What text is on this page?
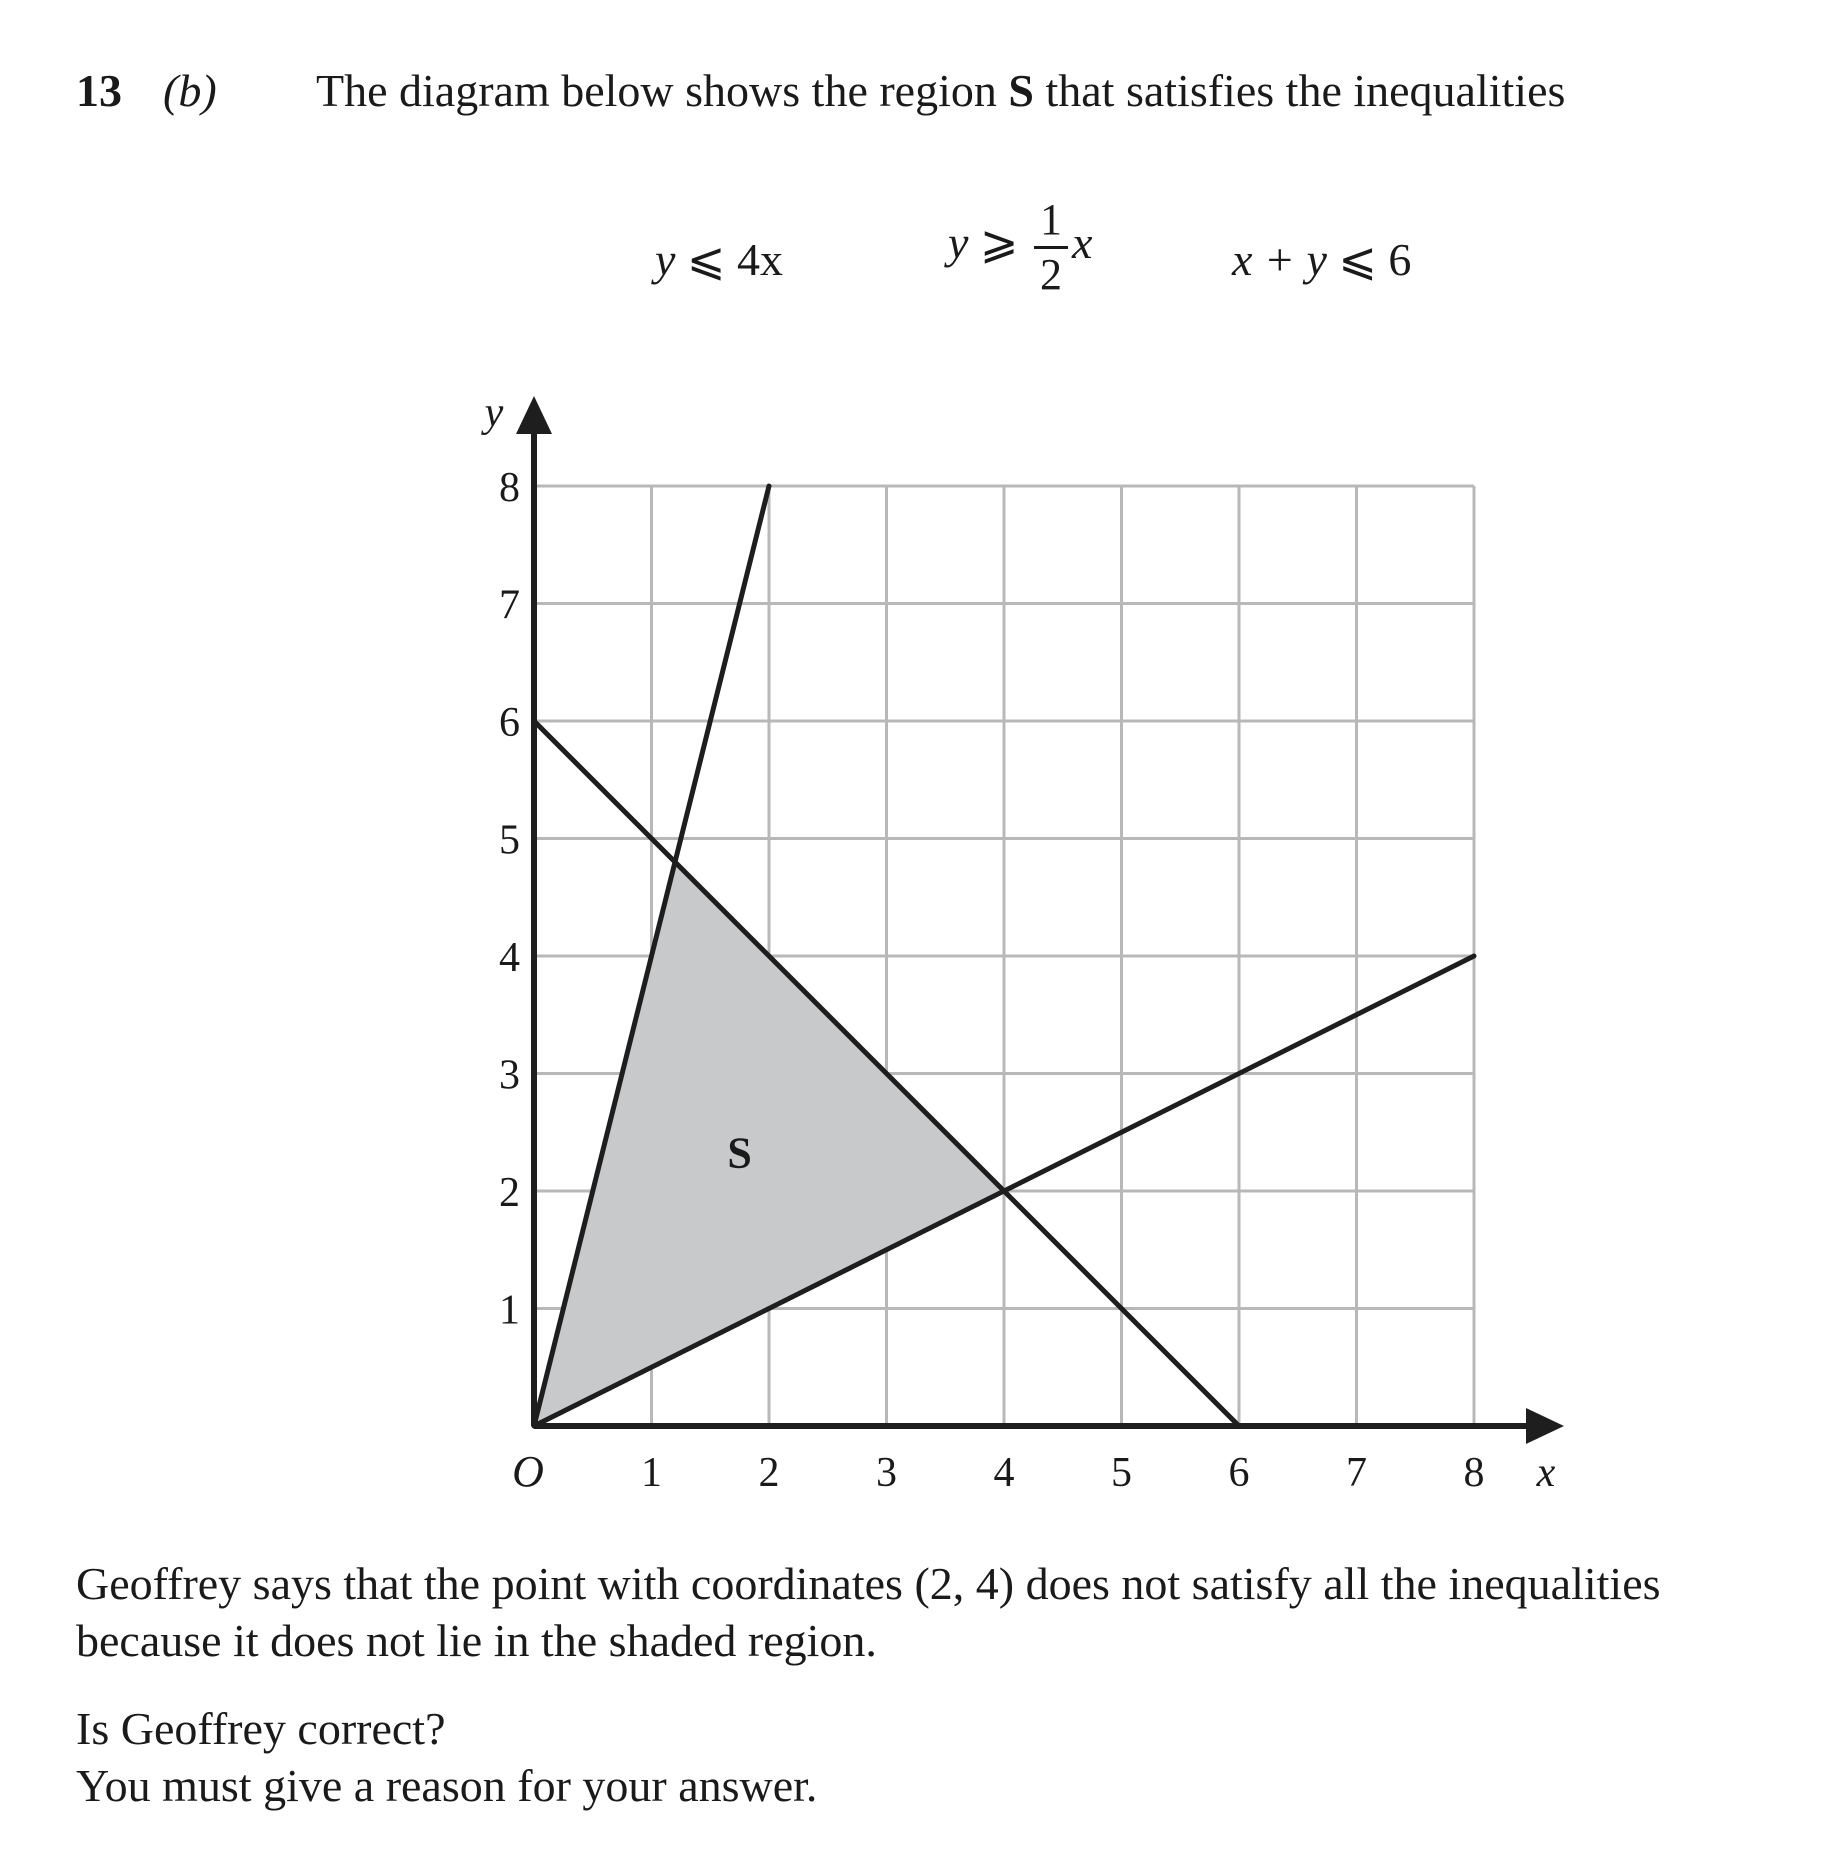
13 (b) The diagram below shows the region S that satisfies the inequalities
y ⩽ 4x	y ⩾ $\frac{1}{2}$ x	x + y ⩽ 6
1 2 3 4 5 6 7 8
1
2
3
4
5
6
7
8
O	x
y
S
Geoffrey says that the point with coordinates (2, 4) does not satisfy all the inequalities
because it does not lie in the shaded region.
Is Geoffrey correct?
You must give a reason for your answer.
